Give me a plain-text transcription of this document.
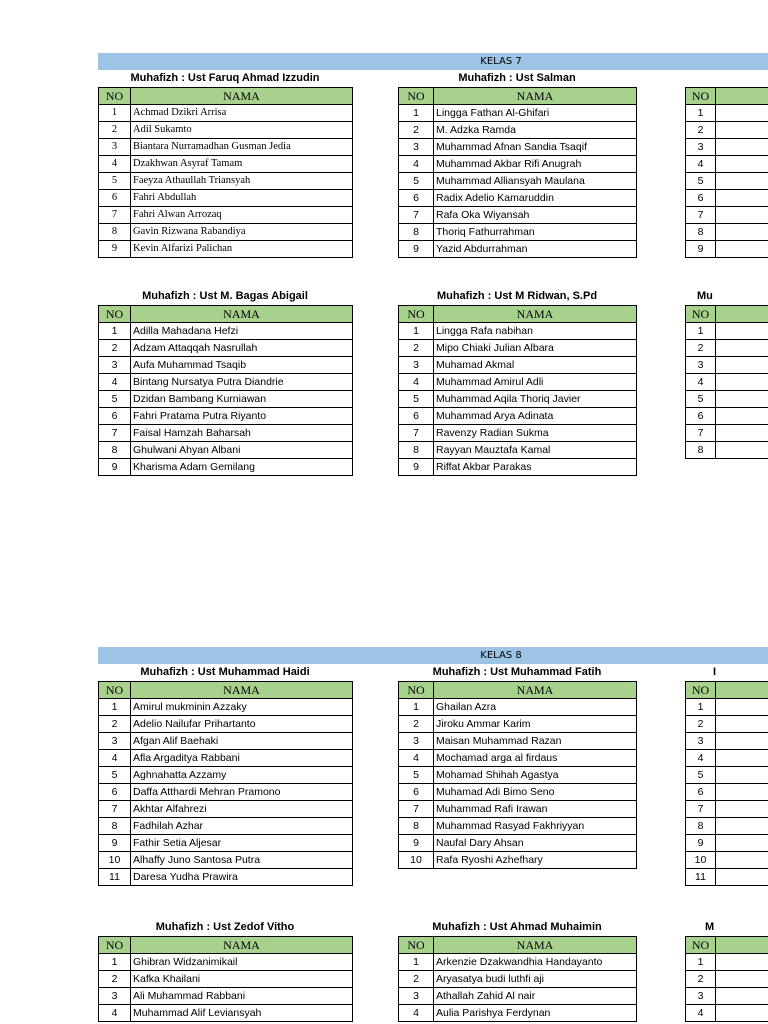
KELAS 7
Muhafizh : Ust Faruq Ahmad Izzudin
NO	NAMA
1	Achmad Dzikri Arrisa
2	Adil Sukamto
3	Biantara Nurramadhan Gusman Jedia
4	Dzakhwan Asyraf Tamam
5	Faeyza Athaullah Triansyah
6	Fahri Abdullah
7	Fahri Alwan Arrozaq
8	Gavin Rizwana Rabandiya
9	Kevin Alfarizi Palichan
Muhafizh : Ust Salman
NO	NAMA
1	Lingga Fathan Al-Ghifari
2	M. Adzka Ramda
3	Muhammad Afnan Sandia Tsaqif
4	Muhammad Akbar Rifi Anugrah
5	Muhammad Alliansyah Maulana
6	Radix Adelio Kamaruddin
7	Rafa Oka Wiyansah
8	Thoriq Fathurrahman
9	Yazid Abdurrahman
NO	
1	
2	
3	
4	
5	
6	
7	
8	
9	
Muhafizh : Ust M. Bagas Abigail
NO	NAMA
1	Adilla Mahadana Hefzi
2	Adzam Attaqqah Nasrullah
3	Aufa Muhammad Tsaqib
4	Bintang Nursatya Putra Diandrie
5	Dzidan Bambang Kurniawan
6	Fahri Pratama Putra Riyanto
7	Faisal Hamzah Baharsah
8	Ghulwani Ahyan Albani
9	Kharisma Adam Gemilang
Muhafizh : Ust M Ridwan, S.Pd
NO	NAMA
1	Lingga Rafa nabihan
2	Mipo Chiaki Julian Albara
3	Muhamad Akmal
4	Muhammad Amirul Adli
5	Muhammad Aqila Thoriq Javier
6	Muhammad Arya Adinata
7	Ravenzy Radian Sukma
8	Rayyan Mauztafa Kamal
9	Riffat Akbar Parakas
Mu
NO	
1	
2	
3	
4	
5	
6	
7	
8	
KELAS 8
Muhafizh : Ust Muhammad Haidi
NO	NAMA
1	Amirul mukminin Azzaky
2	Adelio Nailufar Prihartanto
3	Afgan Alif Baehaki
4	Afla Argaditya Rabbani
5	Aghnahatta Azzamy
6	Daffa Atthardi Mehran Pramono
7	Akhtar Alfahrezi
8	Fadhilah Azhar
9	Fathir Setia Aljesar
10	Alhaffy Juno Santosa Putra
11	Daresa Yudha Prawira
Muhafizh : Ust Muhammad Fatih
NO	NAMA
1	Ghailan Azra
2	Jiroku Ammar Karim
3	Maisan Muhammad Razan
4	Mochamad arga al firdaus
5	Mohamad Shihah Agastya
6	Muhamad Adi Bimo Seno
7	Muhammad Rafi Irawan
8	Muhammad Rasyad Fakhriyyan
9	Naufal Dary Ahsan
10	Rafa Ryoshi Azhefhary
I
NO	
1	
2	
3	
4	
5	
6	
7	
8	
9	
10	
11	
Muhafizh : Ust Zedof Vitho
NO	NAMA
1	Ghibran Widzanimikail
2	Kafka Khailani
3	Ali Muhammad Rabbani
4	Muhammad Alif Leviansyah
Muhafizh : Ust Ahmad Muhaimin
NO	NAMA
1	Arkenzie Dzakwandhia Handayanto
2	Aryasatya budi luthfi aji
3	Athallah Zahid Al nair
4	Aulia Parishya Ferdynan
M
NO	
1	
2	
3	
4	
